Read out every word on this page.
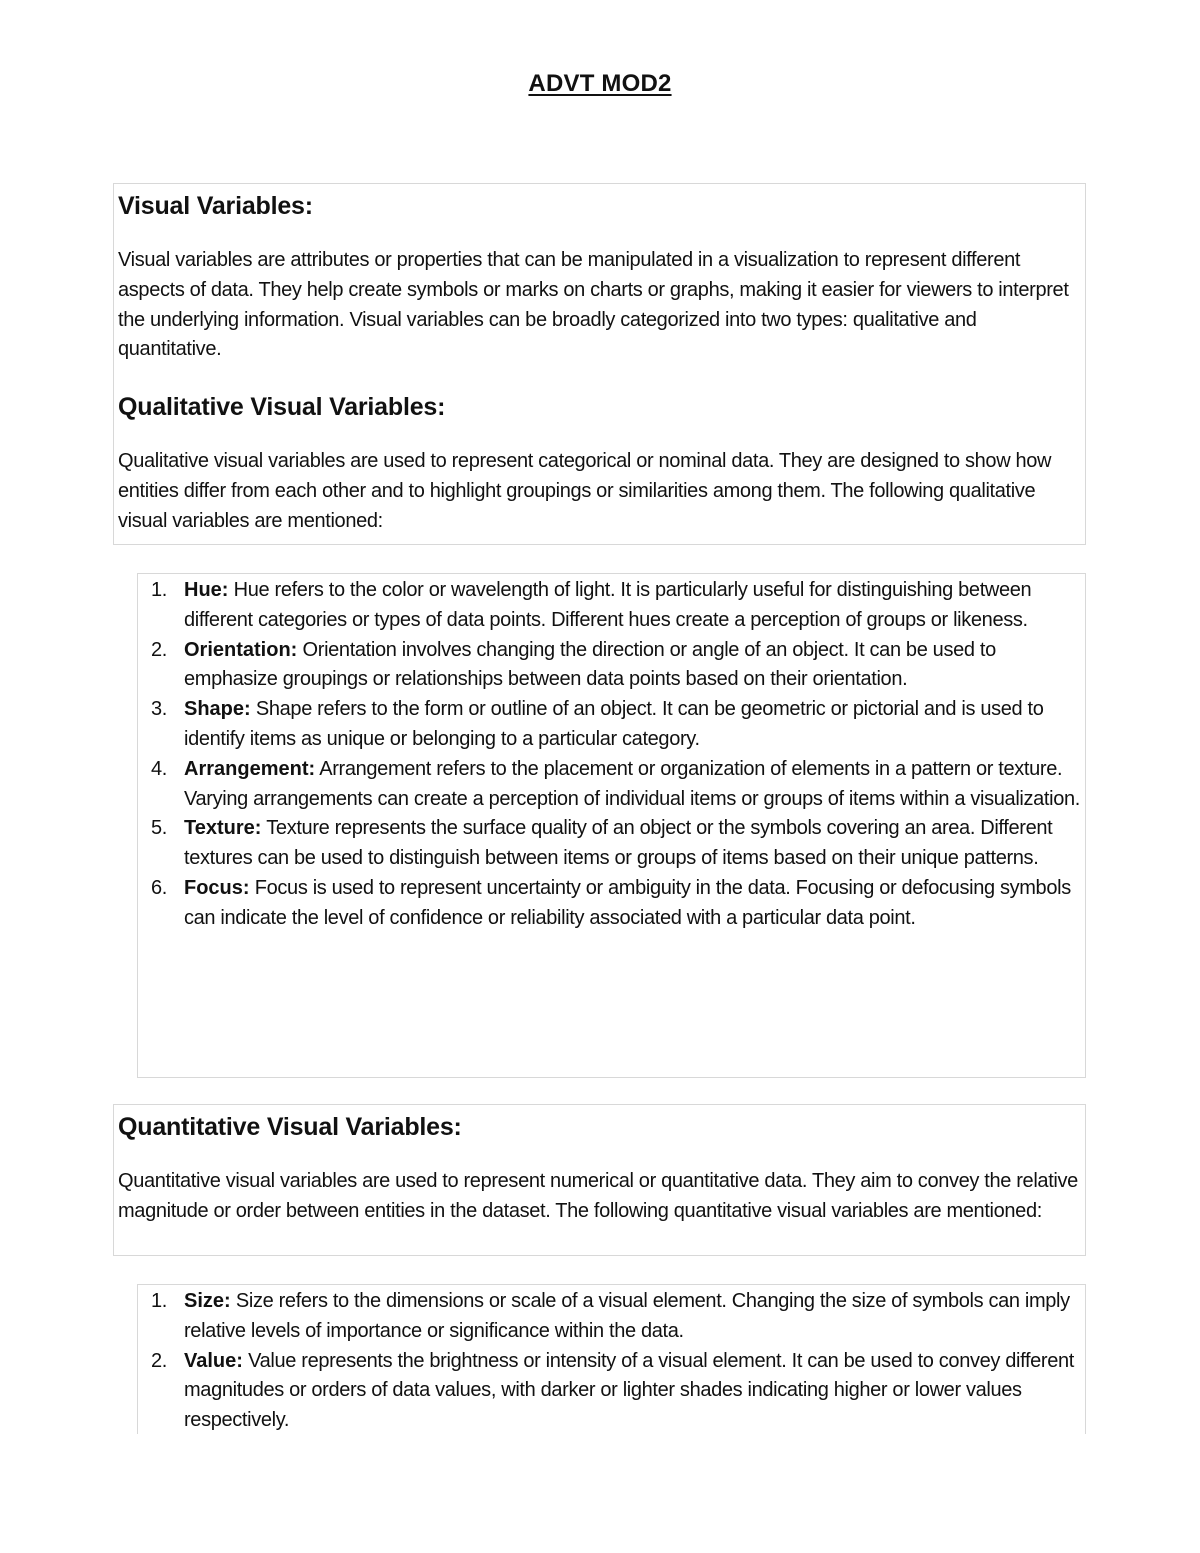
ADVT MOD2
Visual Variables:

Visual variables are attributes or properties that can be manipulated in a visualization to represent different aspects of data. They help create symbols or marks on charts or graphs, making it easier for viewers to interpret the underlying information. Visual variables can be broadly categorized into two types: qualitative and quantitative.

Qualitative Visual Variables:

Qualitative visual variables are used to represent categorical or nominal data. They are designed to show how entities differ from each other and to highlight groupings or similarities among them. The following qualitative visual variables are mentioned:

1. Hue: Hue refers to the color or wavelength of light. It is particularly useful for distinguishing between different categories or types of data points. Different hues create a perception of groups or likeness.
2. Orientation: Orientation involves changing the direction or angle of an object. It can be used to emphasize groupings or relationships between data points based on their orientation.
3. Shape: Shape refers to the form or outline of an object. It can be geometric or pictorial and is used to identify items as unique or belonging to a particular category.
4. Arrangement: Arrangement refers to the placement or organization of elements in a pattern or texture. Varying arrangements can create a perception of individual items or groups of items within a visualization.
5. Texture: Texture represents the surface quality of an object or the symbols covering an area. Different textures can be used to distinguish between items or groups of items based on their unique patterns.
6. Focus: Focus is used to represent uncertainty or ambiguity in the data. Focusing or defocusing symbols can indicate the level of confidence or reliability associated with a particular data point.
Quantitative Visual Variables:

Quantitative visual variables are used to represent numerical or quantitative data. They aim to convey the relative magnitude or order between entities in the dataset. The following quantitative visual variables are mentioned:

1. Size: Size refers to the dimensions or scale of a visual element. Changing the size of symbols can imply relative levels of importance or significance within the data.
2. Value: Value represents the brightness or intensity of a visual element. It can be used to convey different magnitudes or orders of data values, with darker or lighter shades indicating higher or lower values respectively.
